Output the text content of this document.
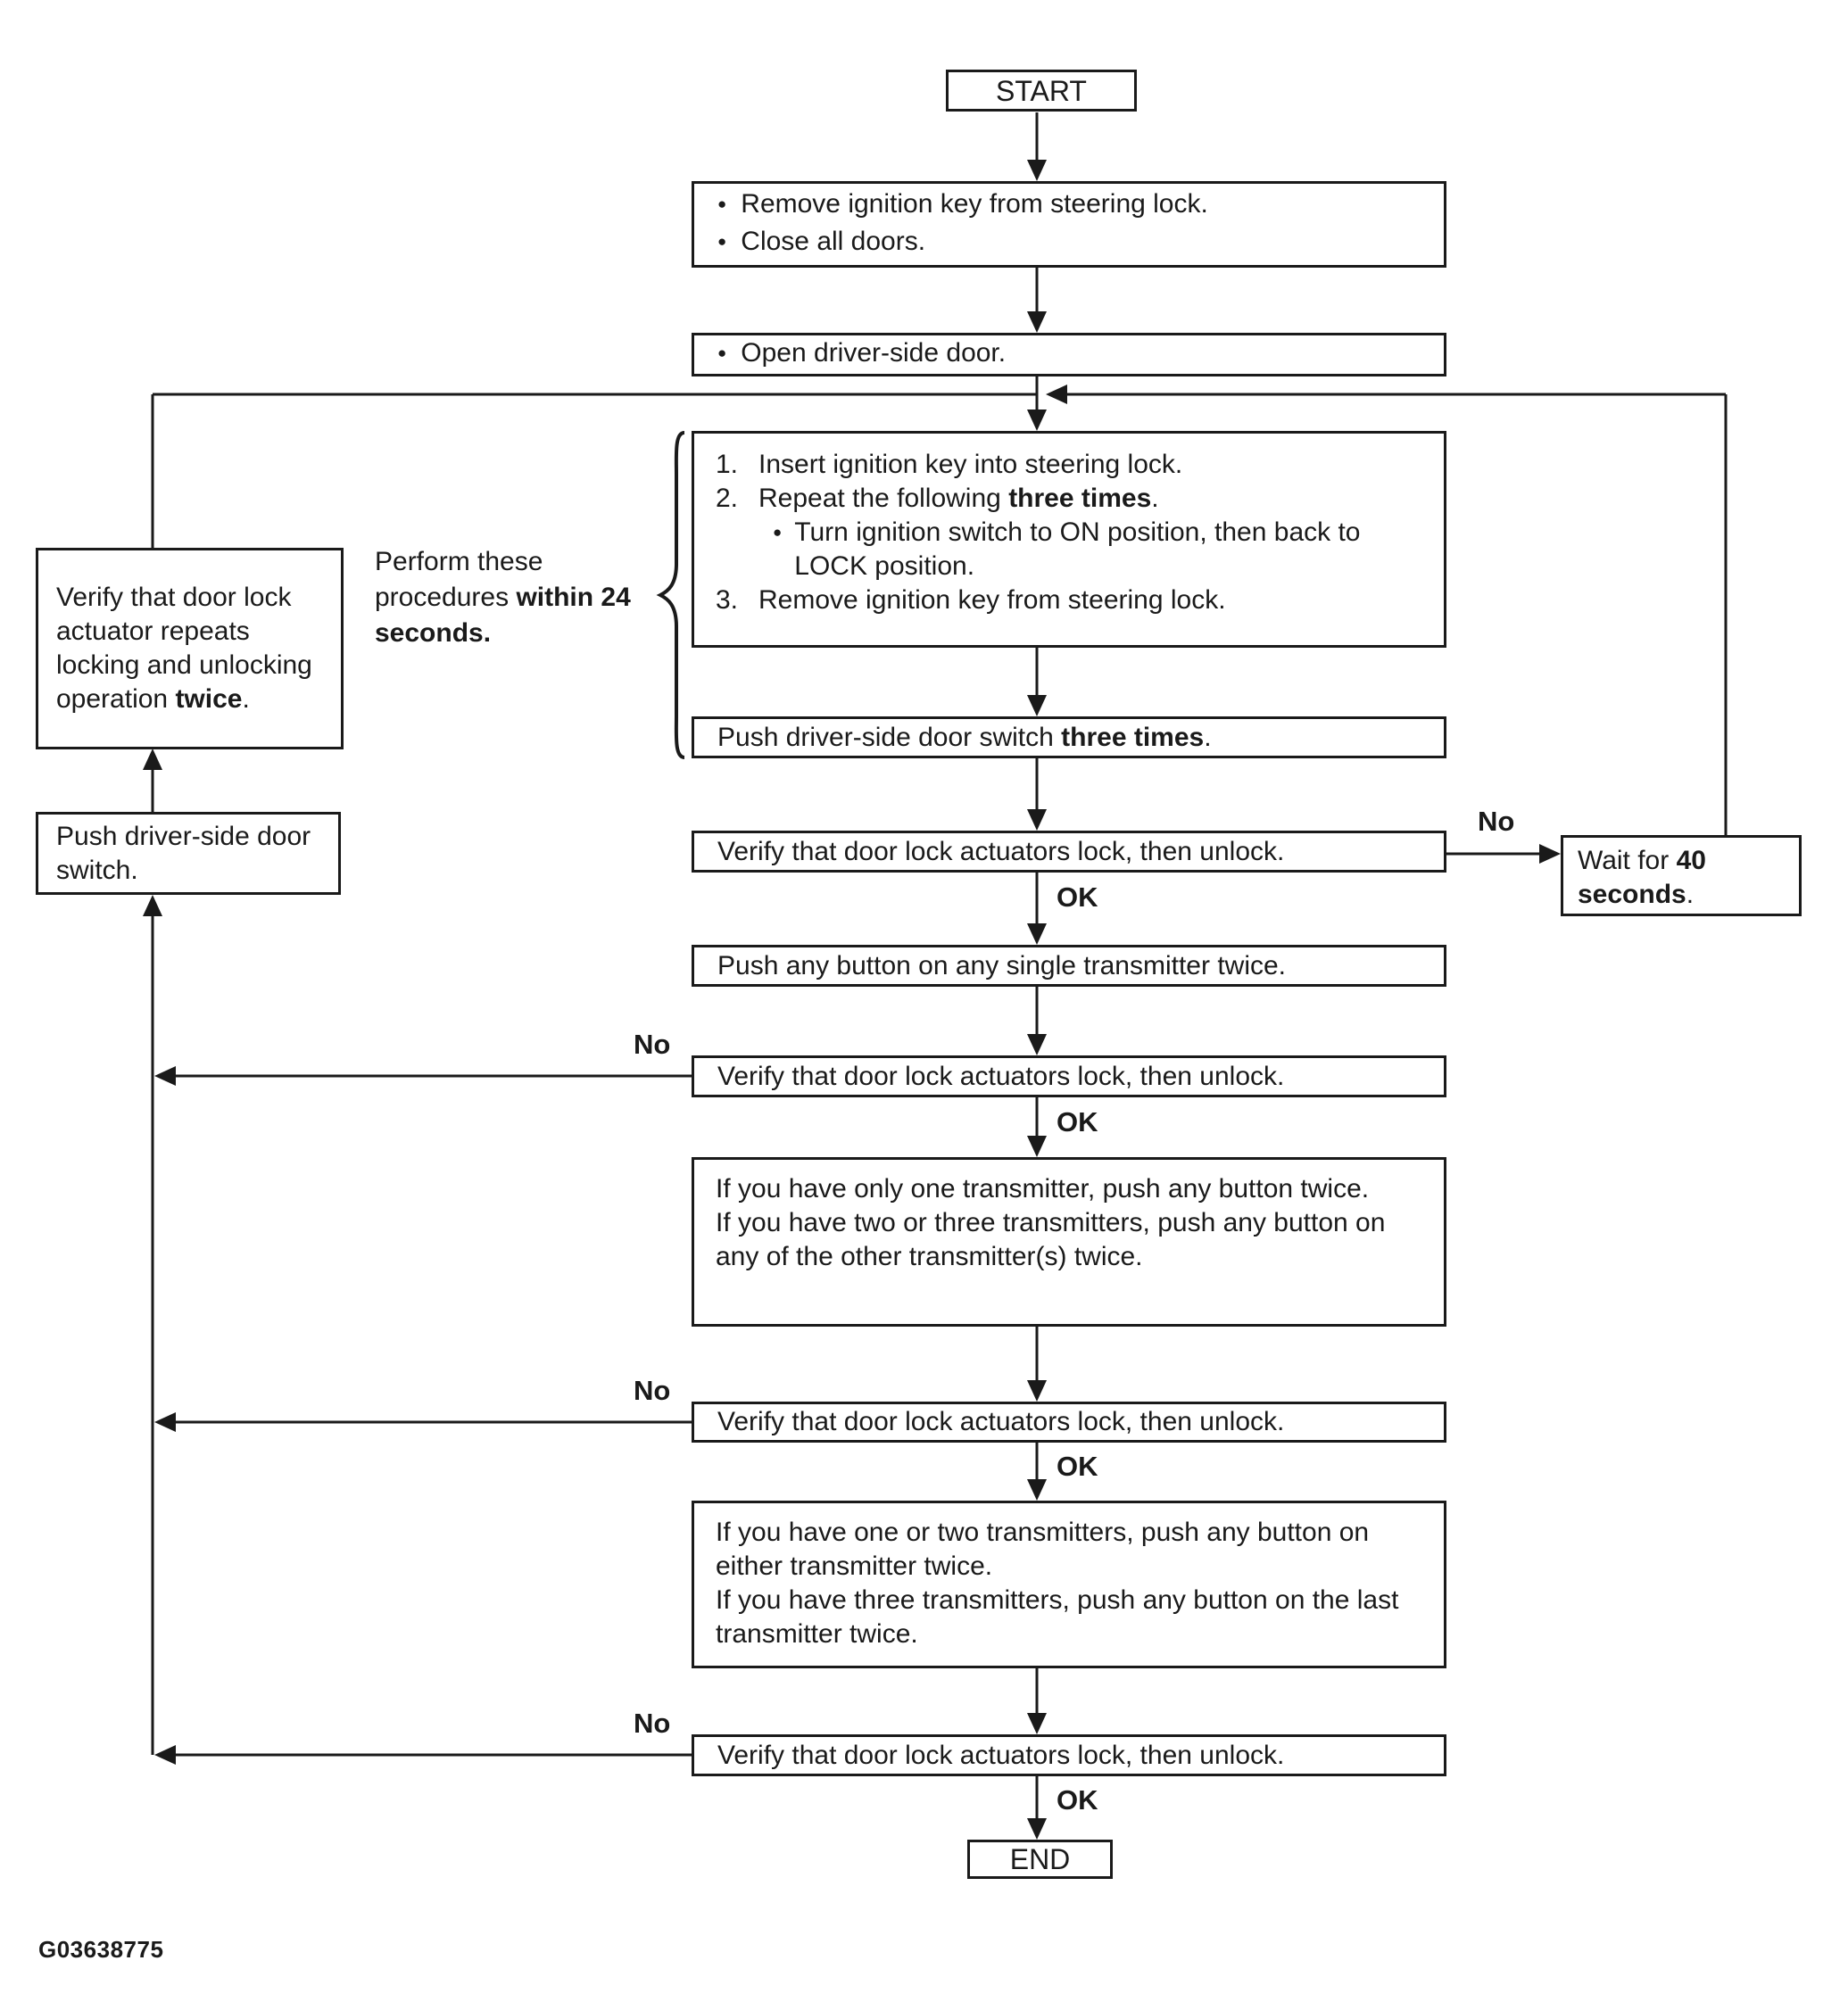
START
● Remove ignition key from steering lock.
● Close all doors.
● Open driver-side door.
1. Insert ignition key into steering lock.
2. Repeat the following three times.
●
Turn ignition switch to ON position, then back to LOCK position.
3. Remove ignition key from steering lock.
Perform these procedures within 24 seconds.
Push driver-side door switch three times.
Verify that door lock actuators lock, then unlock.	Wait for 40 seconds.
Push any button on any single transmitter twice.
Verify that door lock actuators lock, then unlock.
If you have only one transmitter, push any button twice.
If you have two or three transmitters, push any button on any of the other transmitter(s) twice.
Verify that door lock actuators lock, then unlock.
If you have one or two transmitters, push any button on either transmitter twice.
If you have three transmitters, push any button on the last transmitter twice.
Verify that door lock actuators lock, then unlock.
END
Verify that door lock actuator repeats locking and unlocking operation twice.
Push driver-side door switch.
No
No
No
No
OK
OK
OK
OK
G03638775
